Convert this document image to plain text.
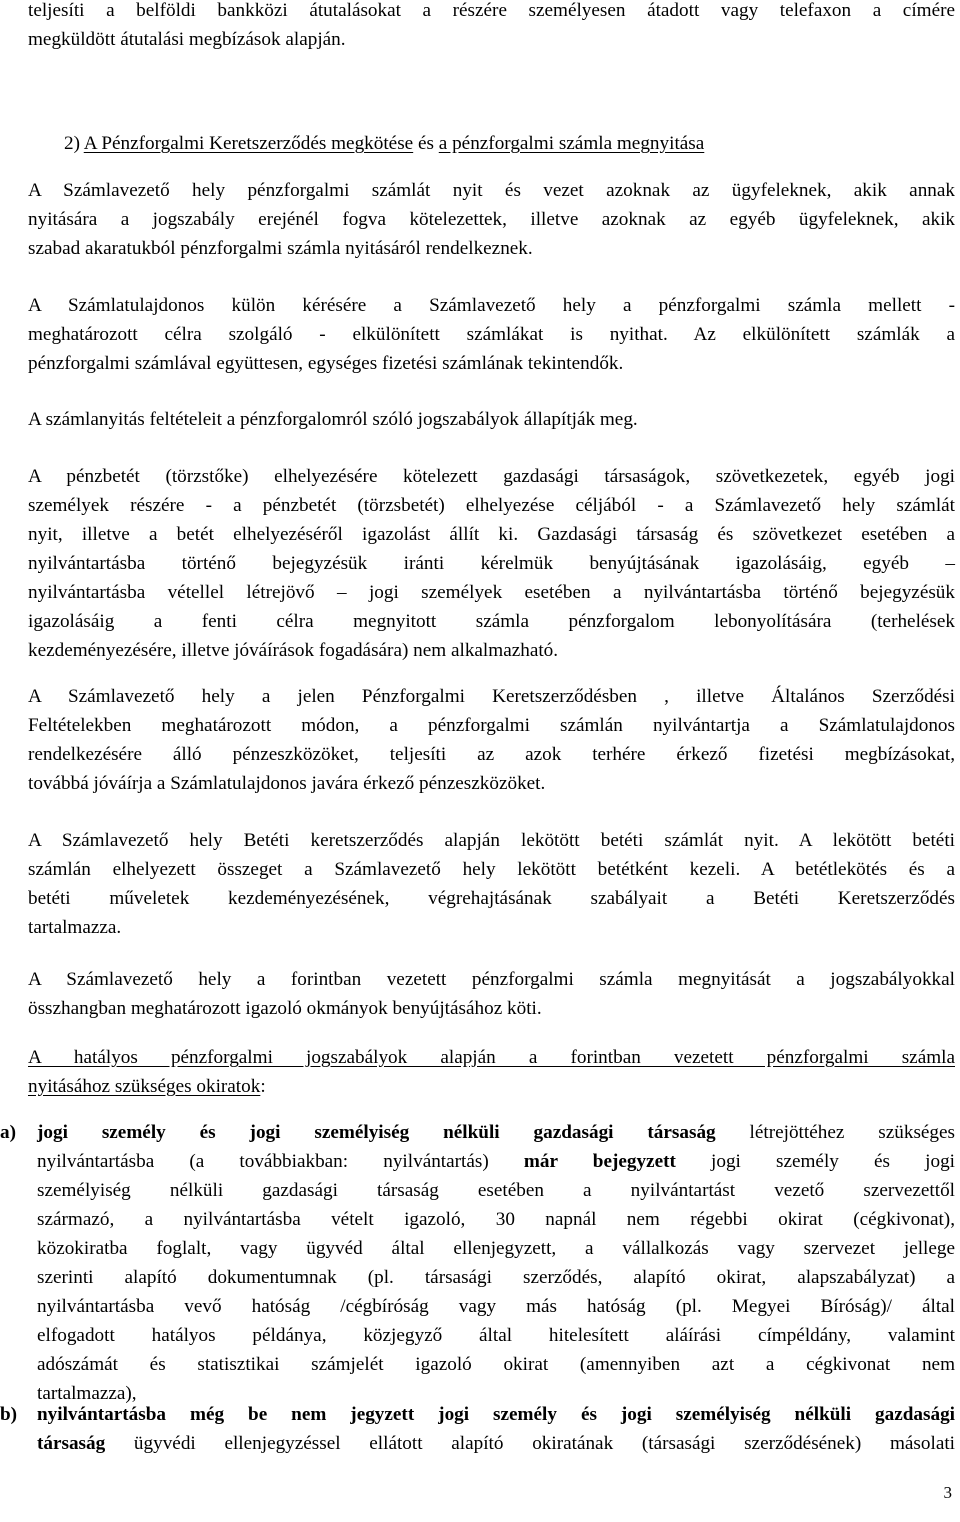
teljesíti a belföldi bankközi átutalásokat a részére személyesen átadott vagy telefaxon a címére
megküldött átutalási megbízások alapján.
2) A Pénzforgalmi Keretszerződés megkötése és a pénzforgalmi számla megnyitása
A Számlavezető hely pénzforgalmi számlát nyit és vezet azoknak az ügyfeleknek, akik annak
nyitására a jogszabály erejénél fogva kötelezettek, illetve azoknak az egyéb ügyfeleknek, akik
szabad akaratukból pénzforgalmi számla nyitásáról rendelkeznek.
A Számlatulajdonos külön kérésére a Számlavezető hely a pénzforgalmi számla mellett -
meghatározott célra szolgáló - elkülönített számlákat is nyithat. Az elkülönített számlák a
pénzforgalmi számlával együttesen, egységes fizetési számlának tekintendők.
A számlanyitás feltételeit a pénzforgalomról szóló jogszabályok állapítják meg.
A pénzbetét (törzstőke) elhelyezésére kötelezett gazdasági társaságok, szövetkezetek, egyéb jogi
személyek részére - a pénzbetét (törzsbetét) elhelyezése céljából - a Számlavezető hely számlát
nyit, illetve a betét elhelyezéséről igazolást állít ki. Gazdasági társaság és szövetkezet esetében a
nyilvántartásba történő bejegyzésük iránti kérelmük benyújtásának igazolásáig, egyéb –
nyilvántartásba vétellel létrejövő – jogi személyek esetében a nyilvántartásba történő bejegyzésük
igazolásáig a fenti célra megnyitott számla pénzforgalom lebonyolítására (terhelések
kezdeményezésére, illetve jóváírások fogadására) nem alkalmazható.
A Számlavezető hely a jelen Pénzforgalmi Keretszerződésben , illetve Általános Szerződési
Feltételekben meghatározott módon, a pénzforgalmi számlán nyilvántartja a Számlatulajdonos
rendelkezésére álló pénzeszközöket, teljesíti az azok terhére érkező fizetési megbízásokat,
továbbá jóváírja a Számlatulajdonos javára érkező pénzeszközöket.
A Számlavezető hely Betéti keretszerződés alapján lekötött betéti számlát nyit. A lekötött betéti
számlán elhelyezett összeget a Számlavezető hely lekötött betétként kezeli. A betétlekötés és a
betéti műveletek kezdeményezésének, végrehajtásának szabályait a Betéti Keretszerződés
tartalmazza.
A Számlavezető hely a forintban vezetett pénzforgalmi számla megnyitását a jogszabályokkal
összhangban meghatározott igazoló okmányok benyújtásához köti.
A hatályos pénzforgalmi jogszabályok alapján a forintban vezetett pénzforgalmi számla
nyitásához szükséges okiratok:
a) jogi személy és jogi személyiség nélküli gazdasági társaság létrejöttéhez szükséges
nyilvántartásba (a továbbiakban: nyilvántartás) már bejegyzett jogi személy és jogi
személyiség nélküli gazdasági társaság esetében a nyilvántartást vezető szervezettől
származó, a nyilvántartásba vételt igazoló, 30 napnál nem régebbi okirat (cégkivonat),
közokiratba foglalt, vagy ügyvéd által ellenjegyzett, a vállalkozás vagy szervezet jellege
szerinti alapító dokumentumnak (pl. társasági szerződés, alapító okirat, alapszabályzat) a
nyilvántartásba vevő hatóság /cégbíróság vagy más hatóság (pl. Megyei Bíróság)/ által
elfogadott hatályos példánya, közjegyző által hitelesített aláírási címpéldány, valamint
adószámát és statisztikai számjelét igazoló okirat (amennyiben azt a cégkivonat nem
tartalmazza),
b) nyilvántartásba még be nem jegyzett jogi személy és jogi személyiség nélküli gazdasági
társaság ügyvédi ellenjegyzéssel ellátott alapító okiratának (társasági szerződésének) másolati
3
